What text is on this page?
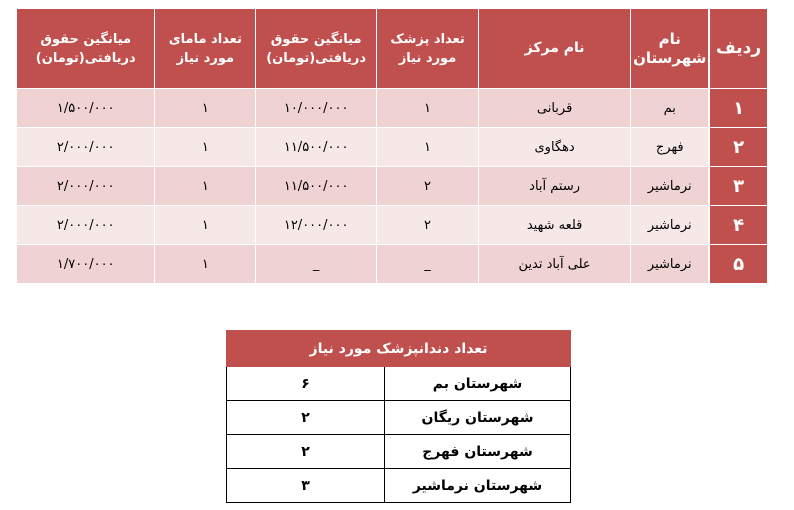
ردیف	نام شهرستان	نام مرکز	تعداد پزشک مورد نیاز	میانگین حقوق دریافتی(تومان)	تعداد مامای مورد نیاز	میانگین حقوق دریافتی(تومان)
۱	بم	قربانی	۱	۱۰/۰۰۰/۰۰۰	۱	۱/۵۰۰/۰۰۰
۲	فهرج	دهگاوی	۱	۱۱/۵۰۰/۰۰۰	۱	۲/۰۰۰/۰۰۰
۳	نرماشیر	رستم آباد	۲	۱۱/۵۰۰/۰۰۰	۱	۲/۰۰۰/۰۰۰
۴	نرماشیر	قلعه شهید	۲	۱۲/۰۰۰/۰۰۰	۱	۲/۰۰۰/۰۰۰
۵	نرماشیر	علی آباد تدین	_	_	۱	۱/۷۰۰/۰۰۰
تعداد دندانپزشک مورد نیاز	
شهرستان بم	۶
شهرستان ریگان	۲
شهرستان فهرج	۲
شهرستان نرماشیر	۳
